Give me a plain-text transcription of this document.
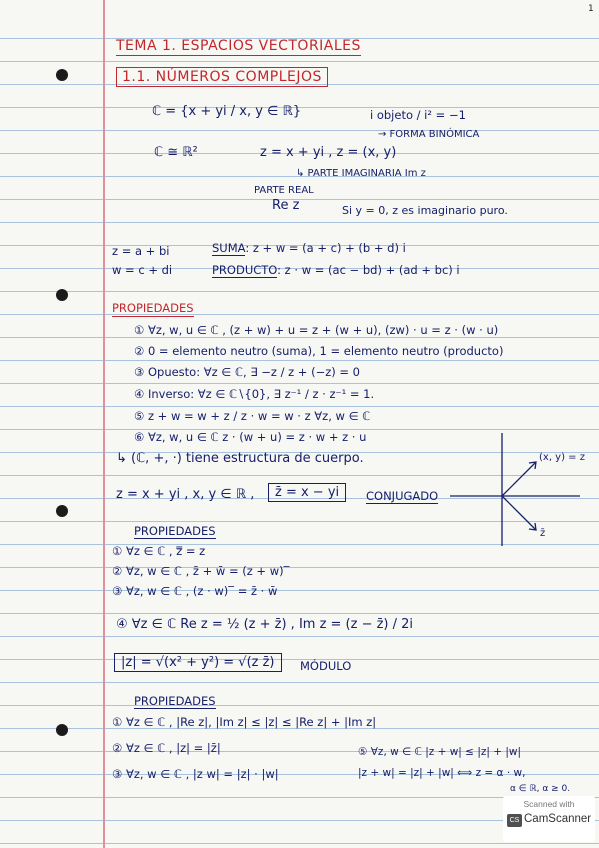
1
TEMA 1. ESPACIOS VECTORIALES
1.1. NÚMEROS COMPLEJOS
ℂ = {x + yi / x, y ∈ ℝ}	i objeto / i² = −1
→ FORMA BINÓMICA
ℂ ≅ ℝ²	z = x + yi , z = (x, y)
↳ PARTE IMAGINARIA Im z
PARTE REAL
Re z	Si y = 0, z es imaginario puro.
z = a + bi
w = c + di
SUMA: z + w = (a + c) + (b + d) i
PRODUCTO: z · w = (ac − bd) + (ad + bc) i
PROPIEDADES
① ∀z, w, u ∈ ℂ , (z + w) + u = z + (w + u), (zw) · u = z · (w · u)
② 0 = elemento neutro (suma), 1 = elemento neutro (producto)
③ Opuesto: ∀z ∈ ℂ, ∃ −z / z + (−z) = 0
④ Inverso: ∀z ∈ ℂ∖{0}, ∃ z⁻¹ / z · z⁻¹ = 1.
⑤ z + w = w + z / z · w = w · z ∀z, w ∈ ℂ
⑥ ∀z, w, u ∈ ℂ z · (w + u) = z · w + z · u
↳ (ℂ, +, ·) tiene estructura de cuerpo.
z = x + yi , x, y ∈ ℝ ,	z̄ = x − yi	CONJUGADO
(x, y) = z
z̄
PROPIEDADES
① ∀z ∈ ℂ , z̿ = z
② ∀z, w ∈ ℂ , z̄ + w̄ = (z + w)‾
③ ∀z, w ∈ ℂ , (z · w)‾ = z̄ · w̄
④ ∀z ∈ ℂ Re z = ½ (z + z̄) , Im z = (z − z̄) / 2i
|z| = √(x² + y²) = √(z z̄)	MÓDULO
PROPIEDADES
① ∀z ∈ ℂ , |Re z|, |Im z| ≤ |z| ≤ |Re z| + |Im z|
② ∀z ∈ ℂ , |z| = |z̄|
③ ∀z, w ∈ ℂ , |z w| = |z| · |w|
⑤ ∀z, w ∈ ℂ |z + w| ≤ |z| + |w|
|z + w| = |z| + |w| ⟺ z = α · w,
α ∈ ℝ, α ≥ 0.
Scanned with
CS CamScanner
